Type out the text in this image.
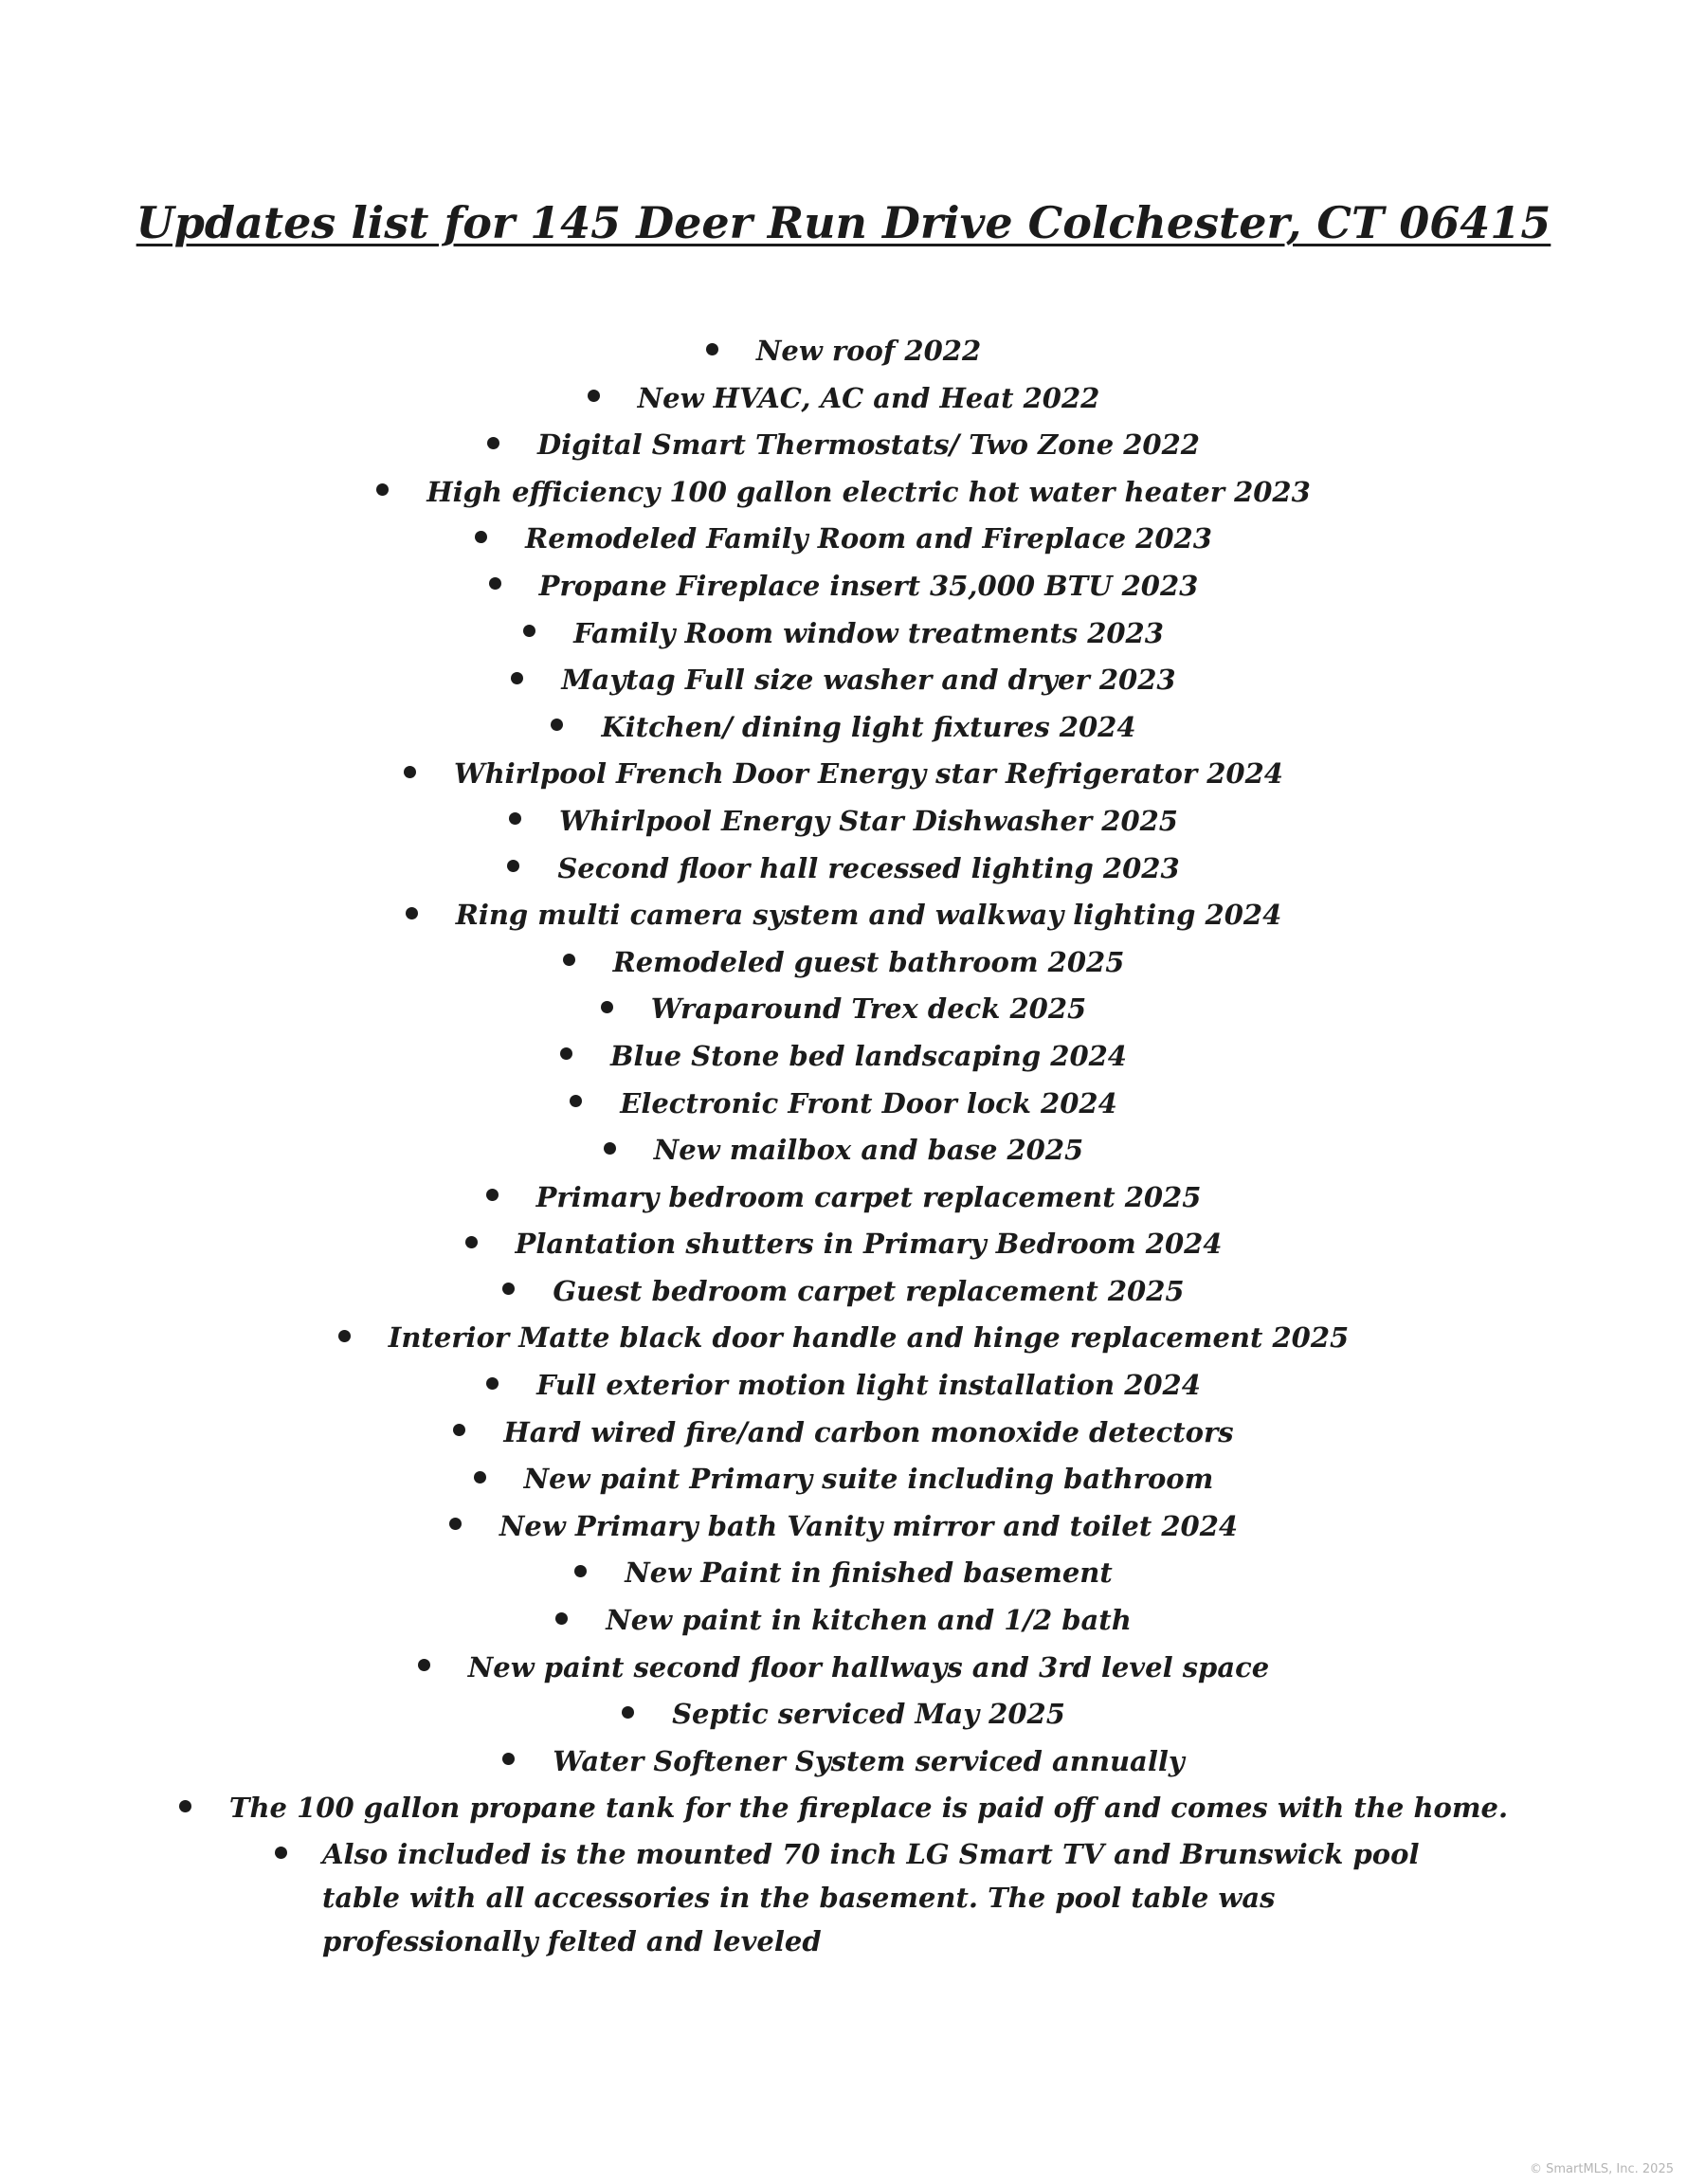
Updates list for 145 Deer Run Drive Colchester, CT 06415
New roof 2022
New HVAC, AC and Heat 2022
Digital Smart Thermostats/ Two Zone 2022
High efficiency 100 gallon electric hot water heater 2023
Remodeled Family Room and Fireplace 2023
Propane Fireplace insert 35,000 BTU 2023
Family Room window treatments 2023
Maytag Full size washer and dryer 2023
Kitchen/ dining light fixtures 2024
Whirlpool French Door Energy star Refrigerator 2024
Whirlpool Energy Star Dishwasher 2025
Second floor hall recessed lighting 2023
Ring multi camera system and walkway lighting 2024
Remodeled guest bathroom 2025
Wraparound Trex deck 2025
Blue Stone bed landscaping 2024
Electronic Front Door lock 2024
New mailbox and base 2025
Primary bedroom carpet replacement 2025
Plantation shutters in Primary Bedroom 2024
Guest bedroom carpet replacement 2025
Interior Matte black door handle and hinge replacement 2025
Full exterior motion light installation 2024
Hard wired fire/and carbon monoxide detectors
New paint Primary suite including bathroom
New Primary bath Vanity mirror and toilet 2024
New Paint in finished basement
New paint in kitchen and 1/2 bath
New paint second floor hallways and 3rd level space
Septic serviced May 2025
Water Softener System serviced annually
The 100 gallon propane tank for the fireplace is paid off and comes with the home.
Also included is the mounted 70 inch LG Smart TV and Brunswick pool table with all accessories in the basement. The pool table was professionally felted and leveled
© SmartMLS, Inc. 2025
